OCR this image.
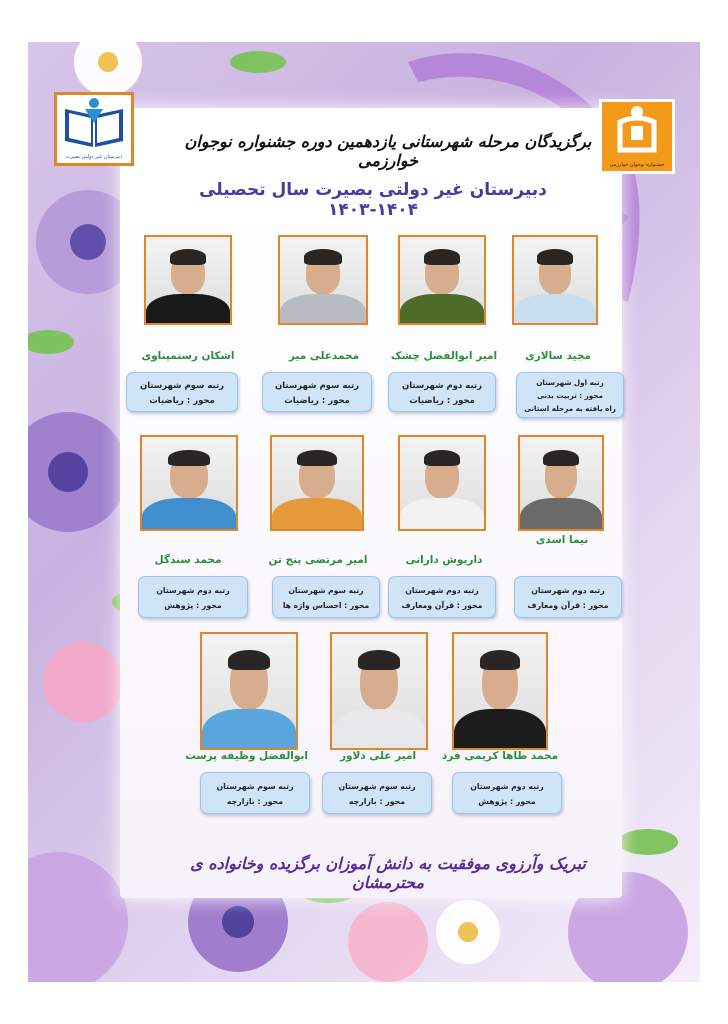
دبیرستان غیر دولتی بصیرت
جشنواره نوجوان خوارزمی
برگزیدگان مرحله شهرستانی یازدهمین دوره جشنواره نوجوان خوارزمی
دبیرستان غیر دولتی بصیرت سال تحصیلی ۱۴۰۴-۱۴۰۳
مجید سالاری
رتبه اول شهرستان
محور : تربیت بدنی
راه یافته به مرحله استانی
امیر ابوالفضل چشک
رتبه دوم شهرستان
محور : ریاضیات
محمدعلی میر
رتبه سوم شهرستان
محور : ریاضیات
اشکان رستمپناوی
رتبه سوم شهرستان
محور : ریاضیات
نیما اسدی
رتبه دوم شهرستان
محور : قرآن ومعارف
داریوش دارانی
رتبه دوم شهرستان
محور : قرآن ومعارف
امیر مرتضی پنج تن
رتبه سوم شهرستان
محور : احساس واژه ها
محمد سندگل
رتبه دوم شهرستان
محور : پژوهش
محمد طاها کریمی فرد
رتبه دوم شهرستان
محور : پژوهش
امیر علی دلاور
رتبه سوم شهرستان
محور : بازارچه
ابوالفضل وظیفه پرست
رتبه سوم شهرستان
محور : بازارچه
تبریک وآرزوی موفقیت به دانش آموزان برگزیده وخانواده ی محترمشان
